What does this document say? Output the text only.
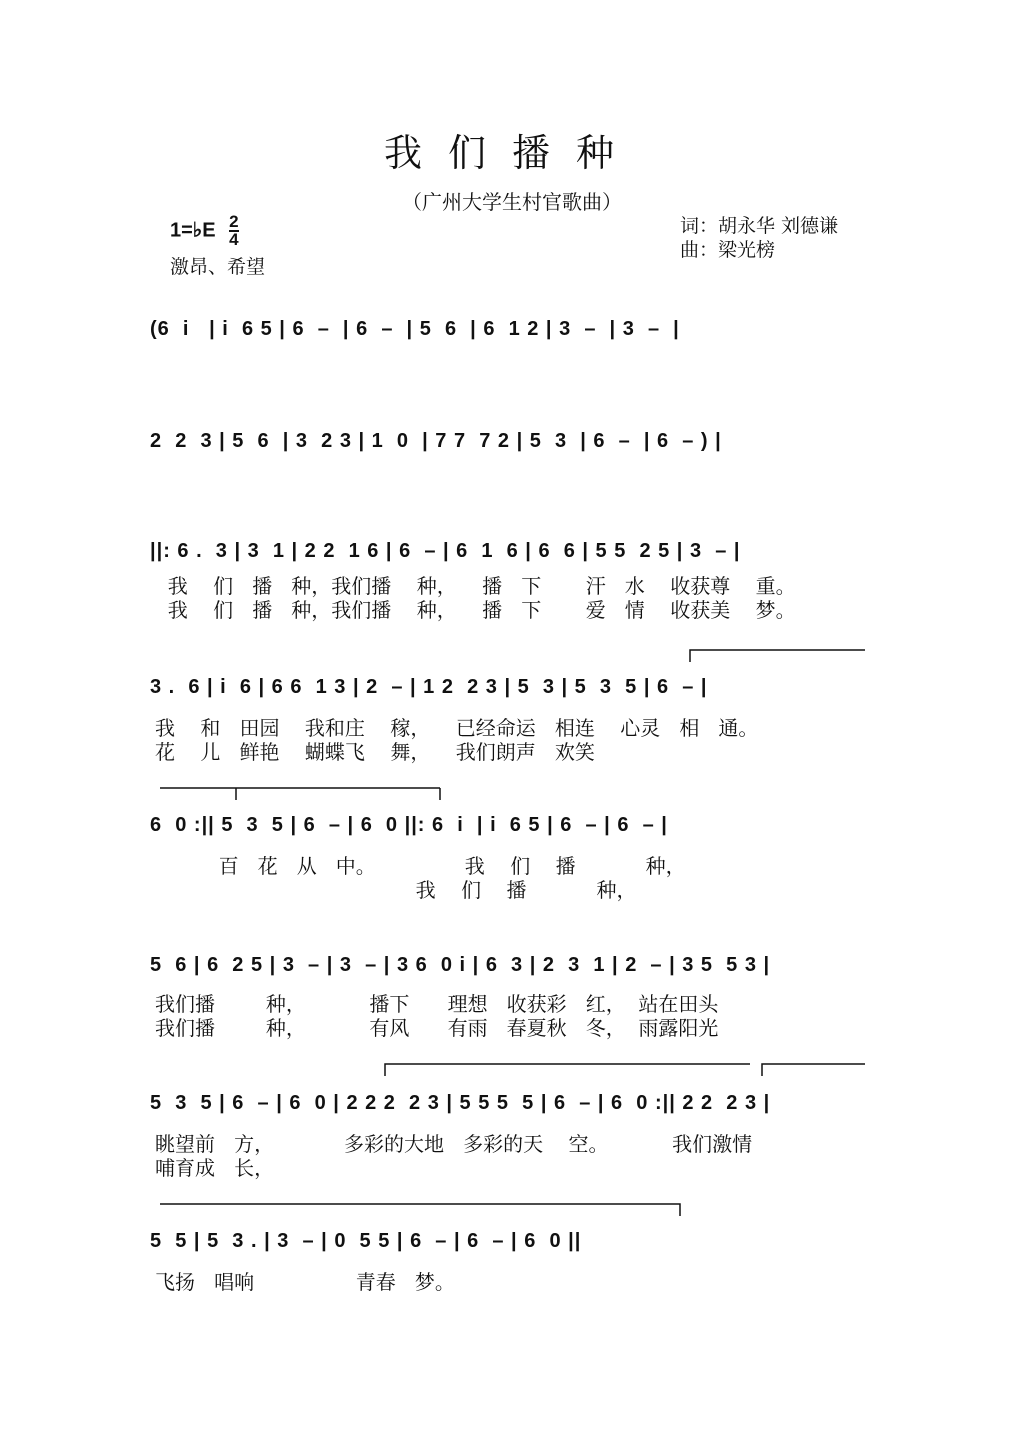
我们播种
（广州大学生村官歌曲）
1=♭E $\frac{2}{4}$
激昂、希望
词：胡永华 刘德谦
曲：梁光榜
(6  i   | i  6 5 | 6  –  | 6  –  | 5  6  | 6  1 2 | 3  –  | 3  –  |
2  2  3 | 5  6  | 3  2 3 | 1  0  | 7 7  7 2 | 5  3  | 6  –  | 6  – ) |
||: 6 .  3 | 3  1 | 2 2  1 6 | 6  – | 6  1  6 | 6  6 | 5 5  2 5 | 3  – |
我    们   播   种，我们播    种，    播   下       汗   水    收获尊    重。
我    们   播   种，我们播    种，    播   下       爱   情    收获美    梦。
3 .  6 | i  6 | 6 6  1 3 | 2  – | 1 2  2 3 | 5  3 | 5  3  5 | 6  – |
我    和   田园    我和庄    稼，    已经命运   相连    心灵   相   通。
花    儿   鲜艳    蝴蝶飞    舞，    我们朗声   欢笑
6  0 :|| 5  3  5 | 6  – | 6  0 ||: 6  i  | i  6 5 | 6  – | 6  – |
百   花   从   中。              我    们    播           种，
我    们    播           种，
5  6 | 6  2 5 | 3  – | 3  – | 3 6  0 i | 6  3 | 2  3  1 | 2  – | 3 5  5 3 |
我们播        种，          播下      理想   收获彩   红，  站在田头
我们播        种，          有风      有雨   春夏秋   冬，  雨露阳光
5  3  5 | 6  – | 6  0 | 2 2 2  2 3 | 5 5 5  5 | 6  – | 6  0 :|| 2 2  2 3 |
眺望前   方，           多彩的大地   多彩的天    空。          我们激情
哺育成   长，
5  5 | 5  3 . | 3  – | 0  5 5 | 6  – | 6  – | 6  0 ||
飞扬   唱响                青春   梦。
